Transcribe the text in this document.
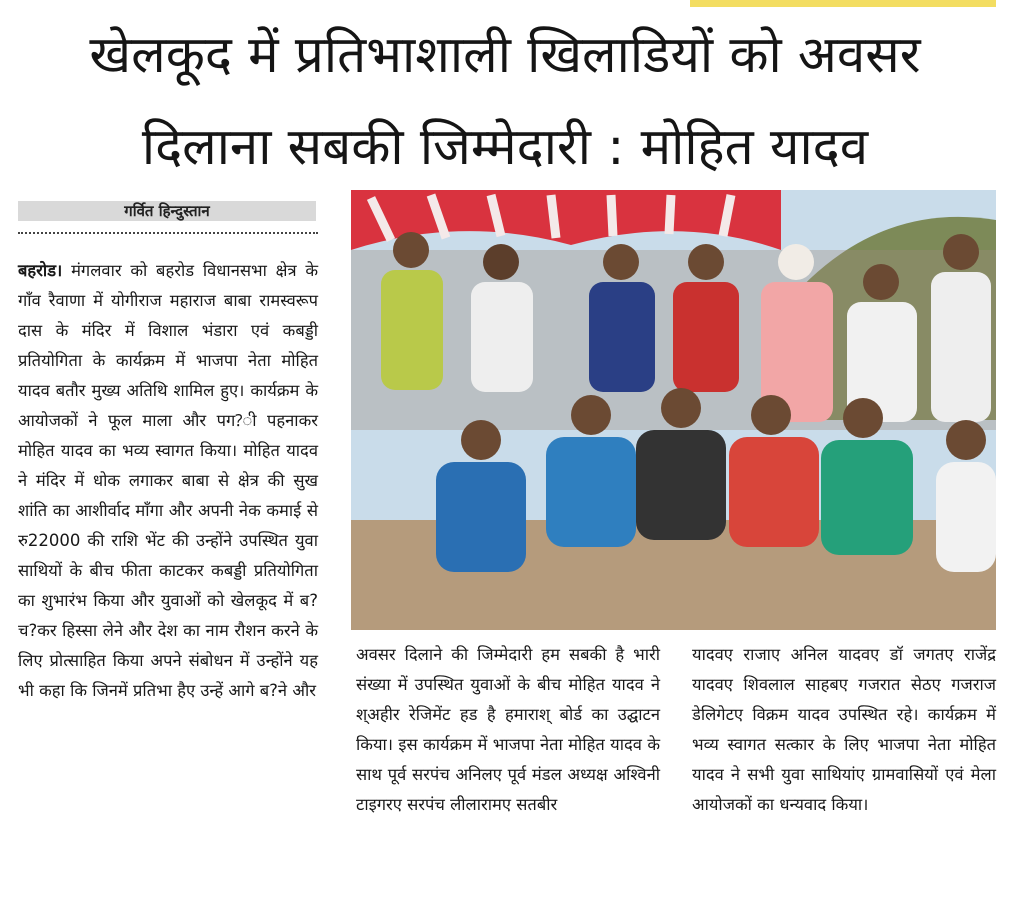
खेलकूद में प्रतिभाशाली खिलाडियों को अवसर
दिलाना सबकी जिम्मेदारी : मोहित यादव
गर्वित हिन्दुस्तान

बहरोड। मंगलवार को बहरोड विधानसभा क्षेत्र के गाँव रैवाणा में योगीराज महाराज बाबा रामस्वरूप दास के मंदिर में विशाल भंडारा एवं कबड्डी प्रतियोगिता के कार्यक्रम में भाजपा नेता मोहित यादव बतौर मुख्य अतिथि शामिल हुए। कार्यक्रम के आयोजकों ने फूल माला और पग?ी पहनाकर मोहित यादव का भव्य स्वागत किया। मोहित यादव ने मंदिर में धोक लगाकर बाबा से क्षेत्र की सुख शांति का आशीर्वाद माँगा और अपनी नेक कमाई से रु22000 की राशि भेंट की उन्होंने उपस्थित युवा साथियों के बीच फीता काटकर कबड्डी प्रतियोगिता का शुभारंभ किया और युवाओं को खेलकूद में ब? च?कर हिस्सा लेने और देश का नाम रौशन करने के लिए प्रोत्साहित किया अपने संबोधन में उन्होंने यह भी कहा कि जिनमें प्रतिभा हैए उन्हें आगे ब?ने और

अवसर दिलाने की जिम्मेदारी हम सबकी है भारी संख्या में उपस्थित युवाओं के बीच मोहित यादव ने श्अहीर रेजिमेंट हड है हमाराश् बोर्ड का उद्घाटन किया। इस कार्यक्रम में भाजपा नेता मोहित यादव के साथ पूर्व सरपंच अनिलए पूर्व मंडल अध्यक्ष अश्विनी टाइगरए सरपंच लीलारामए सतबीर

यादवए राजाए अनिल यादवए डॉ जगतए राजेंद्र यादवए शिवलाल साहबए गजरात सेठए गजराज डेलिगेटए विक्रम यादव उपस्थित रहे। कार्यक्रम में भव्य स्वागत सत्कार के लिए भाजपा नेता मोहित यादव ने सभी युवा साथियांए ग्रामवासियों एवं मेला आयोजकों का धन्यवाद किया।
